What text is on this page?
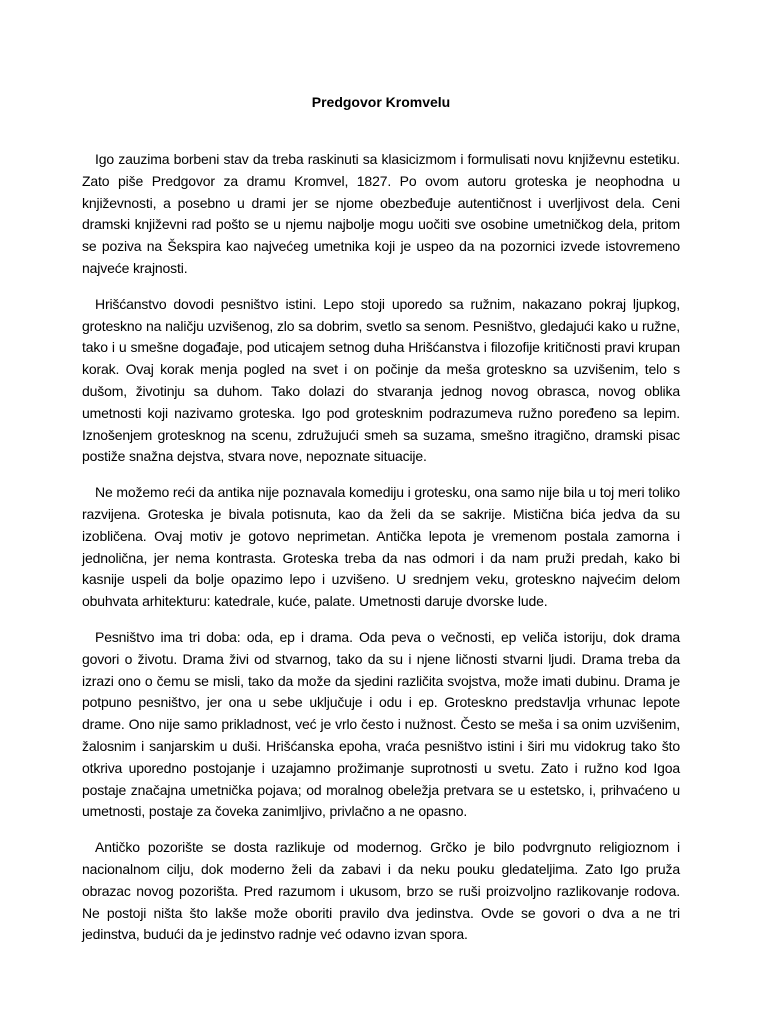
Predgovor Kromvelu

Igo zauzima borbeni stav da treba raskinuti sa klasicizmom i formulisati novu književnu estetiku. Zato piše Predgovor za dramu Kromvel, 1827. Po ovom autoru groteska je neophodna u književnosti, a posebno u drami jer se njome obezbeđuje autentičnost i uverljivost dela. Ceni dramski književni rad pošto se u njemu najbolje mogu uočiti sve osobine umetničkog dela, pritom se poziva na Šekspira kao najvećeg umetnika koji je uspeo da na pozornici izvede istovremeno najveće krajnosti.

Hrišćanstvo dovodi pesništvo istini. Lepo stoji uporedo sa ružnim, nakazano pokraj ljupkog, groteskno na naličju uzvišenog, zlo sa dobrim, svetlo sa senom. Pesništvo, gledajući kako u ružne, tako i u smešne događaje, pod uticajem setnog duha Hrišćanstva i filozofije kritičnosti pravi krupan korak. Ovaj korak menja pogled na svet i on počinje da meša groteskno sa uzvišenim, telo s dušom, životinju sa duhom. Tako dolazi do stvaranja jednog novog obrasca, novog oblika umetnosti koji nazivamo groteska. Igo pod grotesknim podrazumeva ružno poređeno sa lepim. Iznošenjem grotesknog na scenu, združujući smeh sa suzama, smešno itragično, dramski pisac postiže snažna dejstva, stvara nove, nepoznate situacije.

Ne možemo reći da antika nije poznavala komediju i grotesku, ona samo nije bila u toj meri toliko razvijena. Groteska je bivala potisnuta, kao da želi da se sakrije. Mistična bića jedva da su izobličena. Ovaj motiv je gotovo neprimetan. Antička lepota je vremenom postala zamorna i jednolična, jer nema kontrasta. Groteska treba da nas odmori i da nam pruži predah, kako bi kasnije uspeli da bolje opazimo lepo i uzvišeno. U srednjem veku, groteskno najvećim delom obuhvata arhitekturu: katedrale, kuće, palate. Umetnosti daruje dvorske lude.

Pesništvo ima tri doba: oda, ep i drama. Oda peva o večnosti, ep veliča istoriju, dok drama govori o životu. Drama živi od stvarnog, tako da su i njene ličnosti stvarni ljudi. Drama treba da izrazi ono o čemu se misli, tako da može da sjedini različita svojstva, može imati dubinu. Drama je potpuno pesništvo, jer ona u sebe uključuje i odu i ep. Groteskno predstavlja vrhunac lepote drame. Ono nije samo prikladnost, već je vrlo često i nužnost. Često se meša i sa onim uzvišenim, žalosnim i sanjarskim u duši. Hrišćanska epoha, vraća pesništvo istini i širi mu vidokrug tako što otkriva uporedno postojanje i uzajamno prožimanje suprotnosti u svetu. Zato i ružno kod Igoa postaje značajna umetnička pojava; od moralnog obeležja pretvara se u estetsko, i, prihvaćeno u umetnosti, postaje za čoveka zanimljivo, privlačno a ne opasno.

Antičko pozorište se dosta razlikuje od modernog. Grčko je bilo podvrgnuto religioznom i nacionalnom cilju, dok moderno želi da zabavi i da neku pouku gledateljima. Zato Igo pruža obrazac novog pozorišta. Pred razumom i ukusom, brzo se ruši proizvoljno razlikovanje rodova. Ne postoji ništa što lakše može oboriti pravilo dva jedinstva. Ovde se govori o dva a ne tri jedinstva, budući da je jedinstvo radnje već odavno izvan spora.
